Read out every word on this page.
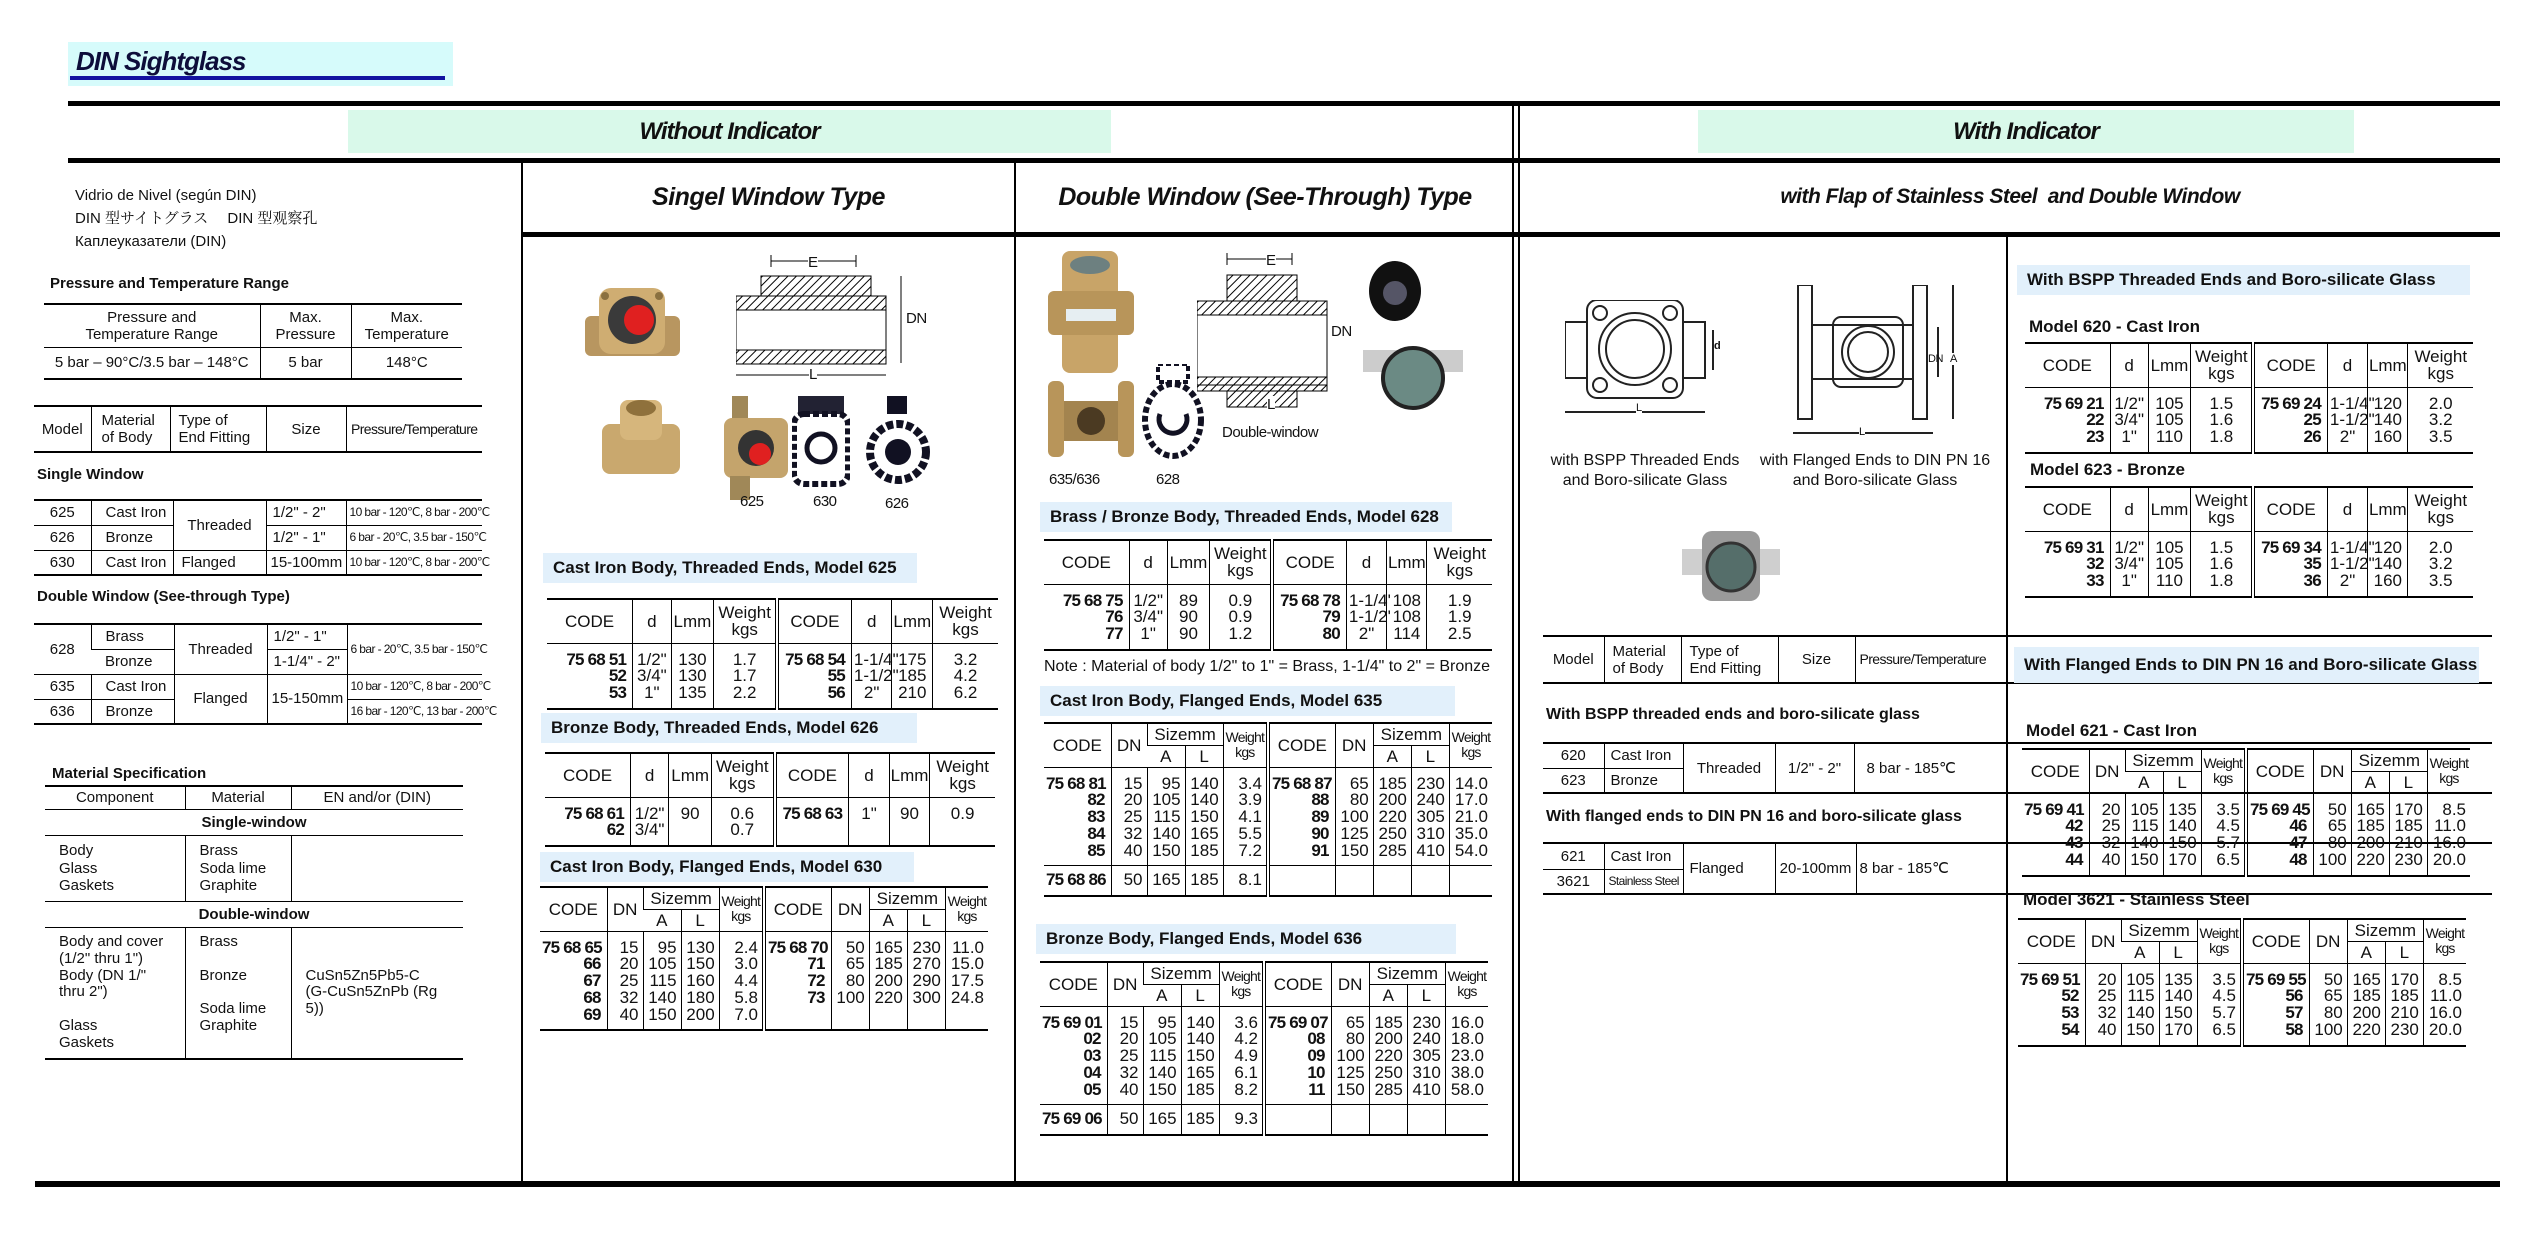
DIN Sightglass
Without Indicator	With Indicator
Singel Window Type	Double Window (See-Through) Type	with Flap of Stainless Steel and Double Window
Vidrio de Nivel (según DIN)
DIN 型サイトグラス　 DIN 型观察孔
Каплеуказатели (DIN)
Pressure and Temperature Range
Pressure and
Temperature Range	Max.
Pressure	Max.
Temperature
5 bar – 90°C/3.5 bar – 148°C	5 bar	148°C
Model	Material
of Body	Type of
End Fitting	Size	Pressure/Temperature
Single Window
625	Cast Iron	Threaded	1/2" - 2"	10 bar - 120℃, 8 bar - 200℃
626	Bronze		1/2" - 1"	6 bar - 20℃, 3.5 bar - 150℃
630	Cast Iron	Flanged	15-100mm	10 bar - 120℃, 8 bar - 200℃
Double Window (See-through Type)
628	Brass	Threaded	1/2" - 1"	6 bar - 20℃, 3.5 bar - 150℃
	Bronze		1-1/4" - 2"	
635	Cast Iron	Flanged	15-150mm	10 bar - 120℃, 8 bar - 200℃
636	Bronze			16 bar - 120℃, 13 bar - 200℃
Material Specification
Component	Material	EN and/or (DIN)
Single-window		
Body
Glass
Gaskets	Brass
Soda lime
Graphite	
Double-window		
Body and cover
(1/2" thru 1")
Body (DN 1/" thru 2")

Glass
Gaskets	Brass

Bronze

Soda lime
Graphite	

CuSn5Zn5Pb5-C
(G-CuSn5ZnPb (Rg 5))
E
DN
L
625	630	626
E
DN
L
Double-window
635/636	628
Cast Iron Body, Threaded Ends, Model 625
CODE	d	Lmm	Weight
kgs	CODE	d	Lmm	Weight
kgs
75 68 51	1/2"	130	1.7	75 68 54	1-1/4"	175	3.2
52	3/4"	130	1.7	55	1-1/2"	185	4.2
53	1"	135	2.2	56	2"	210	6.2
Bronze Body, Threaded Ends, Model 626
CODE	d	Lmm	Weight
kgs	CODE	d	Lmm	Weight
kgs
75 68 61	1/2"	90	0.6	75 68 63	1"	90	0.9
62	3/4"		0.7				
Cast Iron Body, Flanged Ends, Model 630
CODE	DN	Sizemm		Weight
kgs	CODE	DN	Sizemm		Weight
kgs
		A	L				A	L	
75 68 65	15	95	130	2.4	75 68 70	50	165	230	11.0
66	20	105	150	3.0	71	65	185	270	15.0
67	25	115	160	4.4	72	80	200	290	17.5
68	32	140	180	5.8	73	100	220	300	24.8
69	40	150	200	7.0					
Brass / Bronze Body, Threaded Ends, Model 628
CODE	d	Lmm	Weight
kgs	CODE	d	Lmm	Weight
kgs
75 68 75	1/2"	89	0.9	75 68 78	1-1/4'	108	1.9
76	3/4"	90	0.9	79	1-1/2'	108	1.9
77	1"	90	1.2	80	2"	114	2.5
Note : Material of body 1/2" to 1" = Brass, 1-1/4" to 2" = Bronze
Cast Iron Body, Flanged Ends, Model 635
CODE	DN	Sizemm		Weight
kgs	CODE	DN	Sizemm		Weight
kgs
		A	L				A	L	
75 68 81	15	95	140	3.4	75 68 87	65	185	230	14.0
82	20	105	140	3.9	88	80	200	240	17.0
83	25	115	150	4.1	89	100	220	305	21.0
84	32	140	165	5.5	90	125	250	310	35.0
85	40	150	185	7.2	91	150	285	410	54.0
75 68 86	50	165	185	8.1					
Bronze Body, Flanged Ends, Model 636
CODE	DN	Sizemm		Weight
kgs	CODE	DN	Sizemm		Weight
kgs
		A	L				A	L	
75 69 01	15	95	140	3.6	75 69 07	65	185	230	16.0
02	20	105	140	4.2	08	80	200	240	18.0
03	25	115	150	4.9	09	100	220	305	23.0
04	32	140	165	6.1	10	125	250	310	38.0
05	40	150	185	8.2	11	150	285	410	58.0
75 69 06	50	165	185	9.3					
d
L
DN A
L
with BSPP Threaded Ends
and Boro-silicate Glass
with Flanged Ends to DIN PN 16
and Boro-silicate Glass
Model	Material
of Body	Type of
End Fitting	Size	Pressure/Temperature
With BSPP threaded ends and boro-silicate glass
620	Cast Iron	Threaded	1/2" - 2"	8 bar - 185℃
623	Bronze			
With flanged ends to DIN PN 16 and boro-silicate glass
621	Cast Iron	Flanged	20-100mm	8 bar - 185℃
3621	Stainless Steel			
With BSPP Threaded Ends and Boro-silicate Glass
Model 620 - Cast Iron
CODE	d	Lmm	Weight
kgs	CODE	d	Lmm	Weight
kgs
75 69 21	1/2"	105	1.5	75 69 24	1-1/4"	120	2.0
22	3/4"	105	1.6	25	1-1/2"	140	3.2
23	1"	110	1.8	26	2"	160	3.5
Model 623 - Bronze
CODE	d	Lmm	Weight
kgs	CODE	d	Lmm	Weight
kgs
75 69 31	1/2"	105	1.5	75 69 34	1-1/4"	120	2.0
32	3/4"	105	1.6	35	1-1/2"	140	3.2
33	1"	110	1.8	36	2"	160	3.5
With Flanged Ends to DIN PN 16 and Boro-silicate Glass
Model 621 - Cast Iron
CODE	DN	Sizemm		Weight
kgs	CODE	DN	Sizemm		Weight
kgs
		A	L				A	L	
75 69 41	20	105	135	3.5	75 69 45	50	165	170	8.5
42	25	115	140	4.5	46	65	185	185	11.0
43	32	140	150	5.7	47	80	200	210	16.0
44	40	150	170	6.5	48	100	220	230	20.0
Model 3621 - Stainless Steel
CODE	DN	Sizemm		Weight
kgs	CODE	DN	Sizemm		Weight
kgs
		A	L				A	L	
75 69 51	20	105	135	3.5	75 69 55	50	165	170	8.5
52	25	115	140	4.5	56	65	185	185	11.0
53	32	140	150	5.7	57	80	200	210	16.0
54	40	150	170	6.5	58	100	220	230	20.0
